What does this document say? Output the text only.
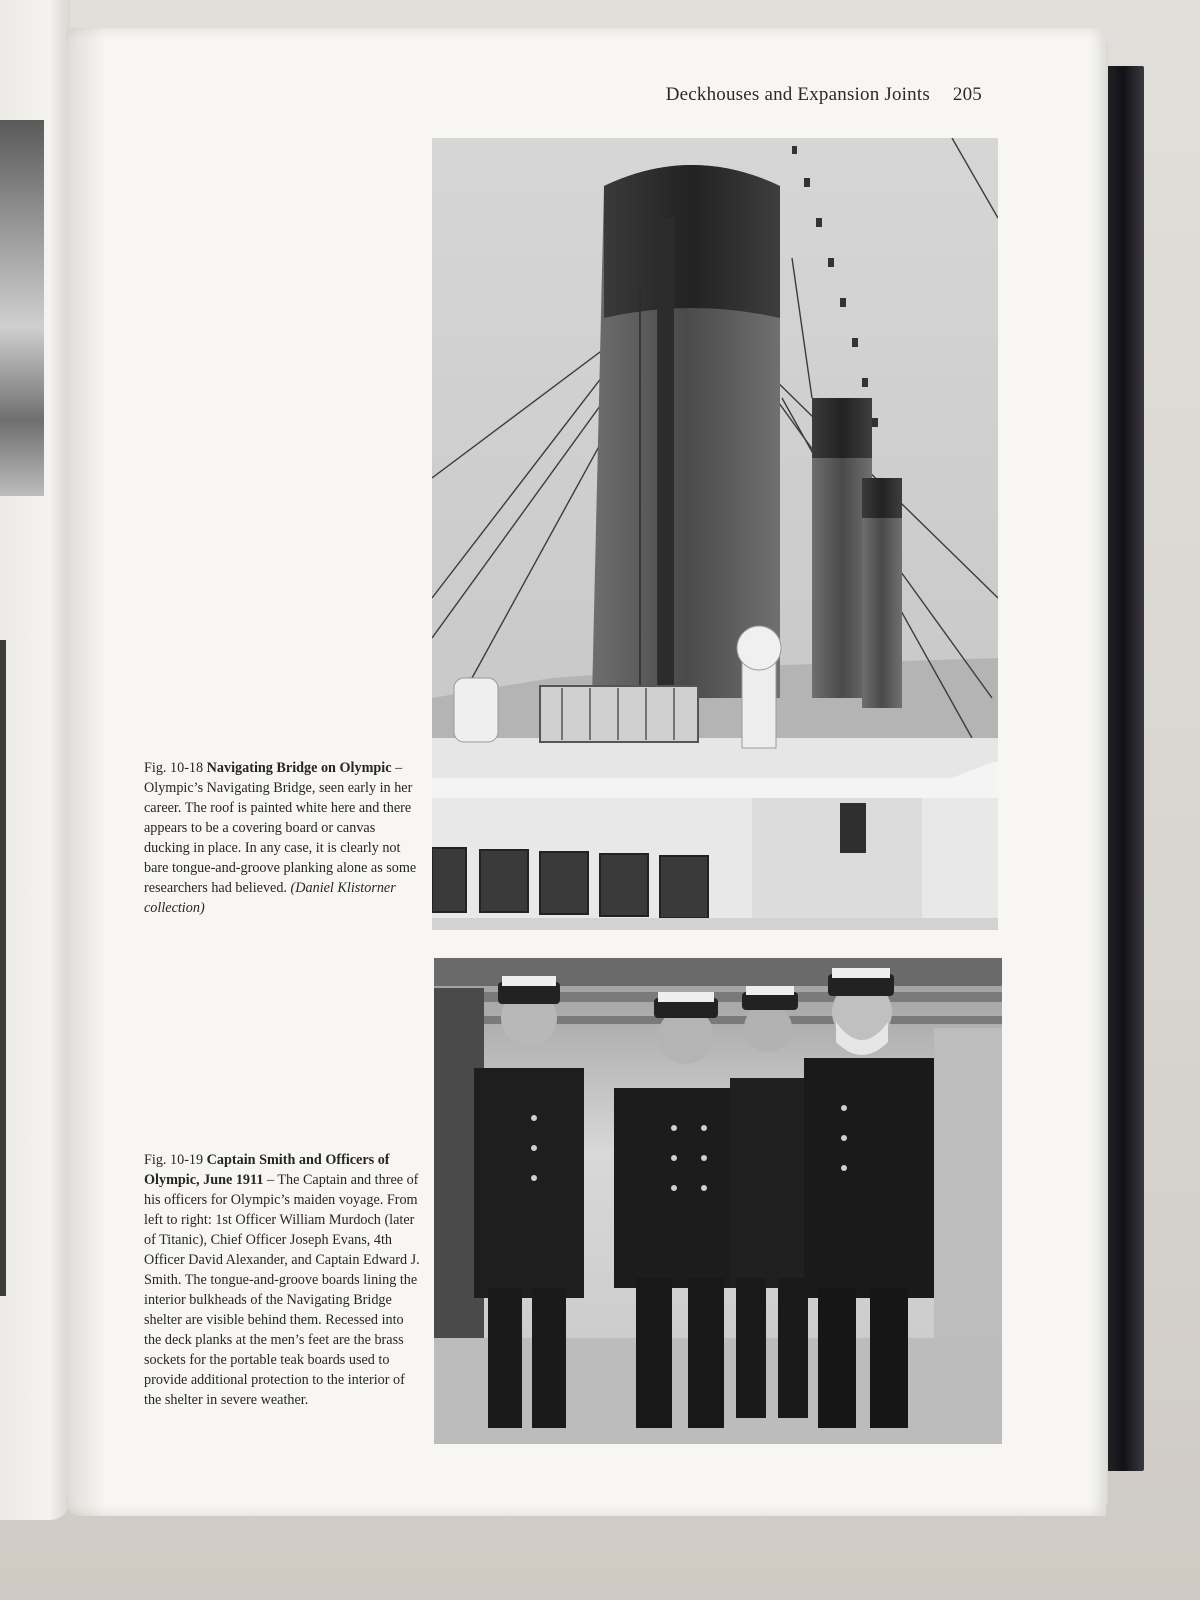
Deckhouses and Expansion Joints 205
Fig. 10-18 Navigating Bridge on Olympic – Olympic’s Navigating Bridge, seen early in her career. The roof is painted white here and there appears to be a covering board or canvas ducking in place. In any case, it is clearly not bare tongue-and-groove planking alone as some researchers had believed. (Daniel Klistorner collection)
Fig. 10-19 Captain Smith and Officers of Olympic, June 1911 – The Captain and three of his officers for Olympic’s maiden voyage. From left to right: 1st Officer William Murdoch (later of Titanic), Chief Officer Joseph Evans, 4th Officer David Alexander, and Captain Edward J. Smith. The tongue-and-groove boards lining the interior bulkheads of the Navigating Bridge shelter are visible behind them. Recessed into the deck planks at the men’s feet are the brass sockets for the portable teak boards used to provide additional protection to the interior of the shelter in severe weather.
